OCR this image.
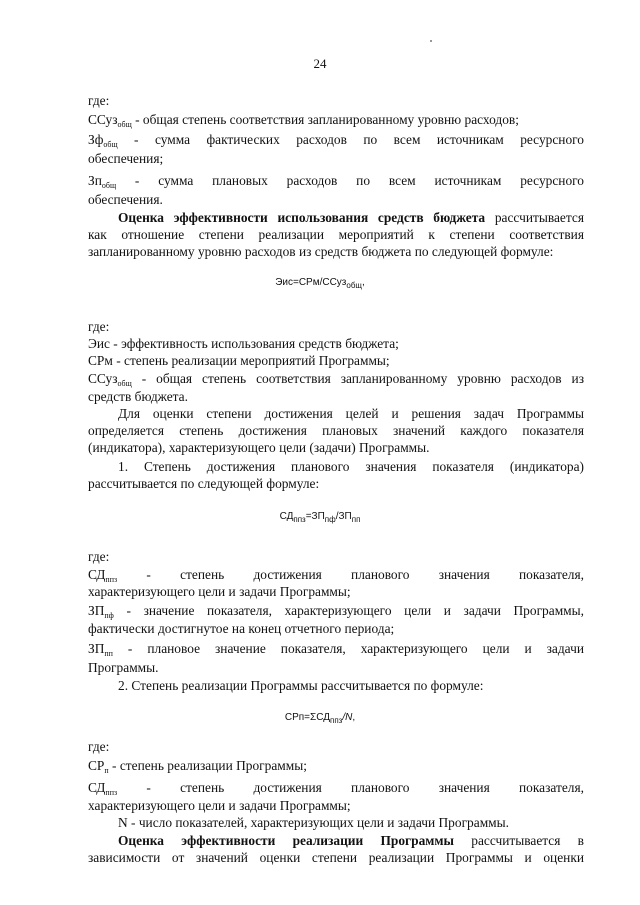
24
где:
ССуз$_{общ}$ - общая степень соответствия запланированному уровню расходов;
$Зф_{общ}$ - сумма фактических расходов по всем источникам ресурсного
обеспечения;
$Зп_{общ}$ - сумма плановых расходов по всем источникам ресурсного
обеспечения.
Оценка эффективности использования средств бюджета рассчитывается
как отношение степени реализации мероприятий к степени соответствия
запланированному уровню расходов из средств бюджета по следующей формуле:
Эис=СРм/ССуз$_{общ}$,
где:
Эис - эффективность использования средств бюджета;
СРм - степень реализации мероприятий Программы;
ССуз$_{общ}$ - общая степень соответствия запланированному уровню расходов из
средств бюджета.
Для оценки степени достижения целей и решения задач Программы
определяется степень достижения плановых значений каждого показателя
(индикатора), характеризующего цели (задачи) Программы.
1. Степень достижения планового значения показателя (индикатора)
рассчитывается по следующей формуле:
$СД_{ппз}=ЗП_{пф}/ЗП_{пп}$
где:
$СД_{ппз}$ - степень достижения планового значения показателя,
характеризующего цели и задачи Программы;
$ЗП_{пф}$ - значение показателя, характеризующего цели и задачи Программы,
фактически достигнутое на конец отчетного периода;
$ЗП_{пп}$ - плановое значение показателя, характеризующего цели и задачи
Программы.
2. Степень реализации Программы рассчитывается по формуле:
$СРп=\Sigma СД_{ппз}/N$,
где:
$СР_п$ - степень реализации Программы;
$СД_{ппз}$ - степень достижения планового значения показателя,
характеризующего цели и задачи Программы;
N - число показателей, характеризующих цели и задачи Программы.
Оценка эффективности реализации Программы рассчитывается в
зависимости от значений оценки степени реализации Программы и оценки
